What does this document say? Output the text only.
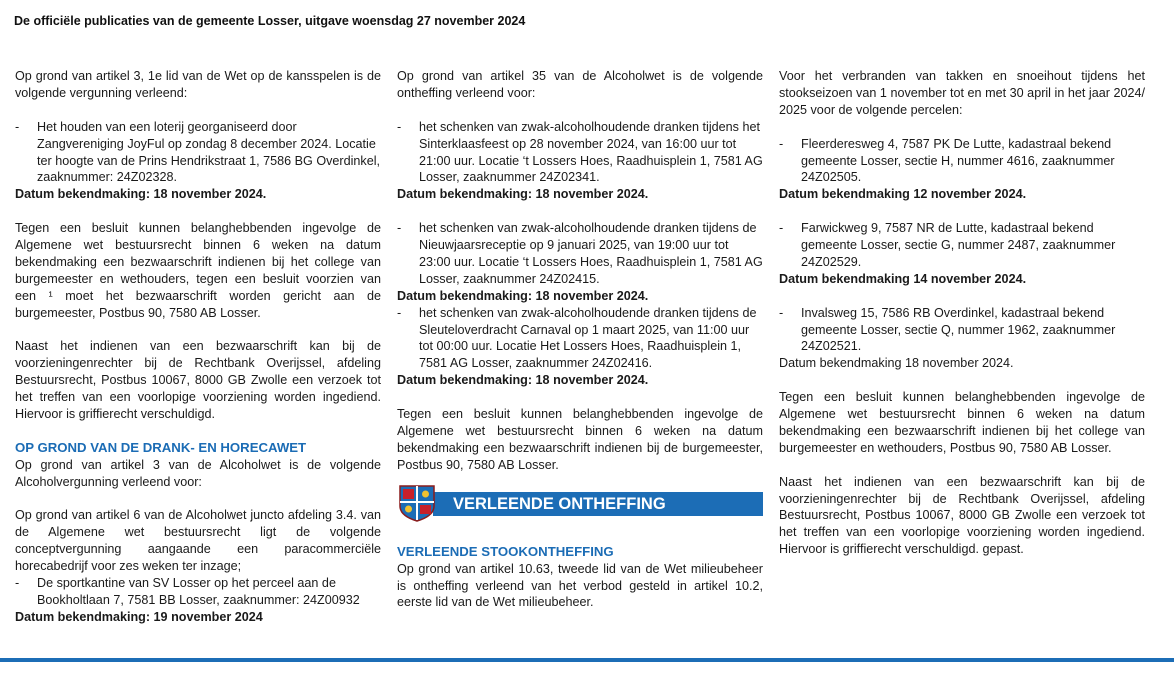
De officiële publicaties van de gemeente Losser, uitgave woensdag 27 november 2024

Op grond van artikel 3, 1e lid van de Wet op de kansspelen is de volgende vergunning verleend:

- Het houden van een loterij georganiseerd door Zangvereniging JoyFul op zondag 8 december 2024. Locatie ter hoogte van de Prins Hendrikstraat 1, 7586 BG Overdinkel, zaaknummer: 24Z02328.

Datum bekendmaking: 18 november 2024.

Tegen een besluit kunnen belanghebbenden ingevolge de Algemene wet bestuursrecht binnen 6 weken na datum bekendmaking een bezwaarschrift indienen bij het college van burgemeester en wethouders, tegen een besluit voorzien van een ¹ moet het bezwaarschrift worden gericht aan de burgemeester, Postbus 90, 7580 AB Losser.

Naast het indienen van een bezwaarschrift kan bij de voorzieningenrechter bij de Rechtbank Overijssel, afdeling Bestuursrecht, Postbus 10067, 8000 GB Zwolle een verzoek tot het treffen van een voorlopige voorziening worden ingediend. Hiervoor is griffierecht verschuldigd.

OP GROND VAN DE DRANK- EN HORECAWET

Op grond van artikel 3 van de Alcoholwet is de volgende Alcoholvergunning verleend voor:

Op grond van artikel 6 van de Alcoholwet juncto afdeling 3.4. van de Algemene wet bestuursrecht ligt de volgende conceptvergunning aangaande een paracommerciële horecabedrijf voor zes weken ter inzage;

- De sportkantine van SV Losser op het perceel aan de Bookholtlaan 7, 7581 BB Losser, zaaknummer: 24Z00932

Datum bekendmaking: 19 november 2024

Op grond van artikel 35 van de Alcoholwet is de volgende ontheffing verleend voor:

- het schenken van zwak-alcoholhoudende dranken tijdens het Sinterklaasfeest op 28 november 2024, van 16:00 uur tot 21:00 uur. Locatie ‘t Lossers Hoes, Raadhuisplein 1, 7581 AG Losser, zaaknummer 24Z02341.

Datum bekendmaking: 18 november 2024.

- het schenken van zwak-alcoholhoudende dranken tijdens de Nieuwjaarsreceptie op 9 januari 2025, van 19:00 uur tot 23:00 uur. Locatie ‘t Lossers Hoes, Raadhuisplein 1, 7581 AG Losser, zaaknummer 24Z02415.

Datum bekendmaking: 18 november 2024.

- het schenken van zwak-alcoholhoudende dranken tijdens de Sleuteloverdracht Carnaval op 1 maart 2025, van 11:00 uur tot 00:00 uur. Locatie Het Lossers Hoes, Raadhuisplein 1, 7581 AG Losser, zaaknummer 24Z02416.

Datum bekendmaking: 18 november 2024.

Tegen een besluit kunnen belanghebbenden ingevolge de Algemene wet bestuursrecht binnen 6 weken na datum bekendmaking een bezwaarschrift indienen bij de burgemeester, Postbus 90, 7580 AB Losser.

VERLEENDE ONTHEFFING

VERLEENDE STOOKONTHEFFING

Op grond van artikel 10.63, tweede lid van de Wet milieubeheer is ontheffing verleend van het verbod gesteld in artikel 10.2, eerste lid van de Wet milieubeheer.

Voor het verbranden van takken en snoeihout tijdens het stookseizoen van 1 november tot en met 30 april in het jaar 2024/ 2025 voor de volgende percelen:

- Fleerderesweg 4, 7587 PK De Lutte, kadastraal bekend gemeente Losser, sectie H, nummer 4616, zaaknummer 24Z02505.

Datum bekendmaking 12 november 2024.

- Farwickweg 9, 7587 NR de Lutte, kadastraal bekend gemeente Losser, sectie G, nummer 2487, zaaknummer 24Z02529.

Datum bekendmaking 14 november 2024.

- Invalsweg 15, 7586 RB Overdinkel, kadastraal bekend gemeente Losser, sectie Q, nummer 1962, zaaknummer 24Z02521.

Datum bekendmaking 18 november 2024.

Tegen een besluit kunnen belanghebbenden ingevolge de Algemene wet bestuursrecht binnen 6 weken na datum bekendmaking een bezwaarschrift indienen bij het college van burgemeester en wethouders, Postbus 90, 7580 AB Losser.

Naast het indienen van een bezwaarschrift kan bij de voorzieningenrechter bij de Rechtbank Overijssel, afdeling Bestuursrecht, Postbus 10067, 8000 GB Zwolle een verzoek tot het treffen van een voorlopige voorziening worden ingediend. Hiervoor is griffierecht verschuldigd. gepast.
